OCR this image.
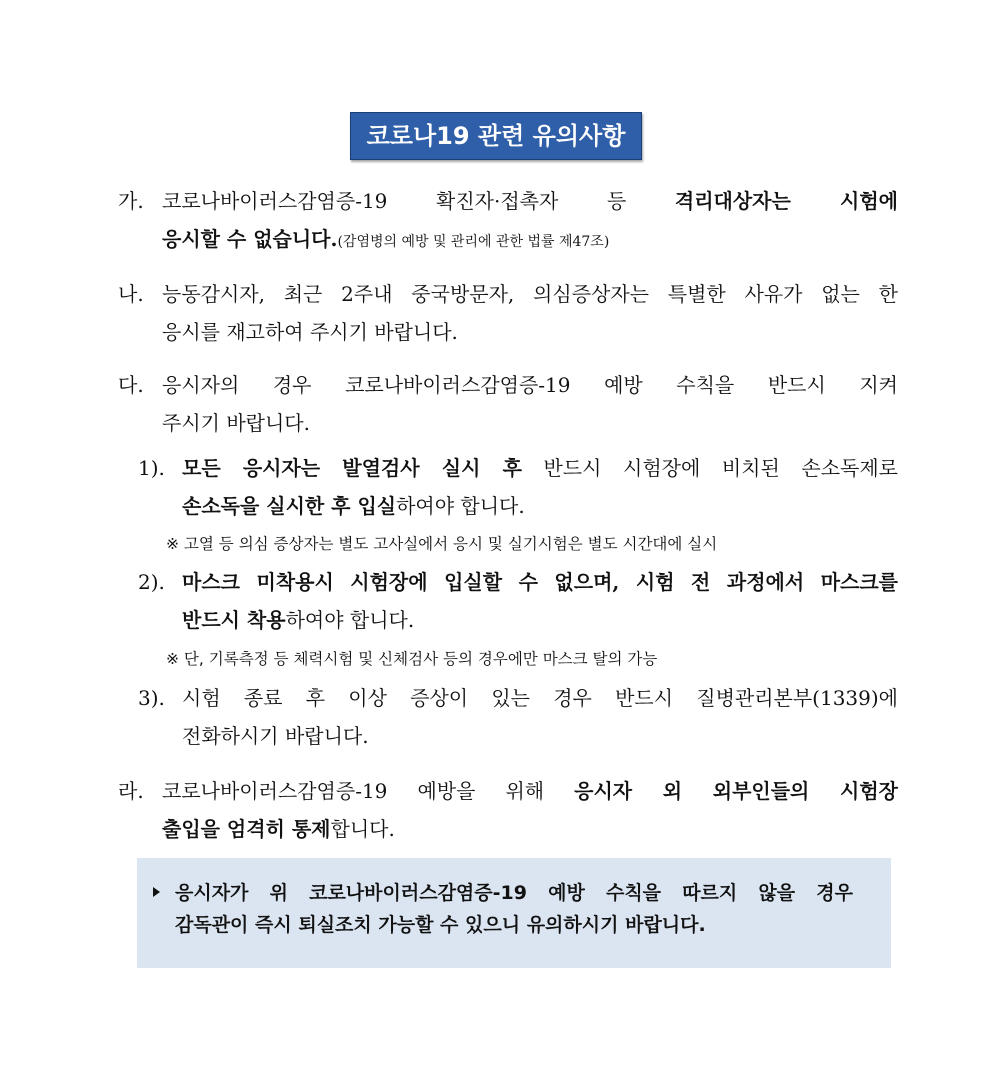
코로나19 관련 유의사항
가. 코로나바이러스감염증-19 확진자·접촉자 등 격리대상자는 시험에
응시할 수 없습니다.(감염병의 예방 및 관리에 관한 법률 제47조)
나. 능동감시자, 최근 2주내 중국방문자, 의심증상자는 특별한 사유가 없는 한
응시를 재고하여 주시기 바랍니다.
다. 응시자의 경우 코로나바이러스감염증-19 예방 수칙을 반드시 지켜
주시기 바랍니다.
1). 모든 응시자는 발열검사 실시 후 반드시 시험장에 비치된 손소독제로
손소독을 실시한 후 입실하여야 합니다.
※ 고열 등 의심 증상자는 별도 고사실에서 응시 및 실기시험은 별도 시간대에 실시
2). 마스크 미착용시 시험장에 입실할 수 없으며, 시험 전 과정에서 마스크를
반드시 착용하여야 합니다.
※ 단, 기록측정 등 체력시험 및 신체검사 등의 경우에만 마스크 탈의 가능
3). 시험 종료 후 이상 증상이 있는 경우 반드시 질병관리본부(1339)에
전화하시기 바랍니다.
라. 코로나바이러스감염증-19 예방을 위해 응시자 외 외부인들의 시험장
출입을 엄격히 통제합니다.
응시자가 위 코로나바이러스감염증-19 예방 수칙을 따르지 않을 경우
감독관이 즉시 퇴실조치 가능할 수 있으니 유의하시기 바랍니다.
